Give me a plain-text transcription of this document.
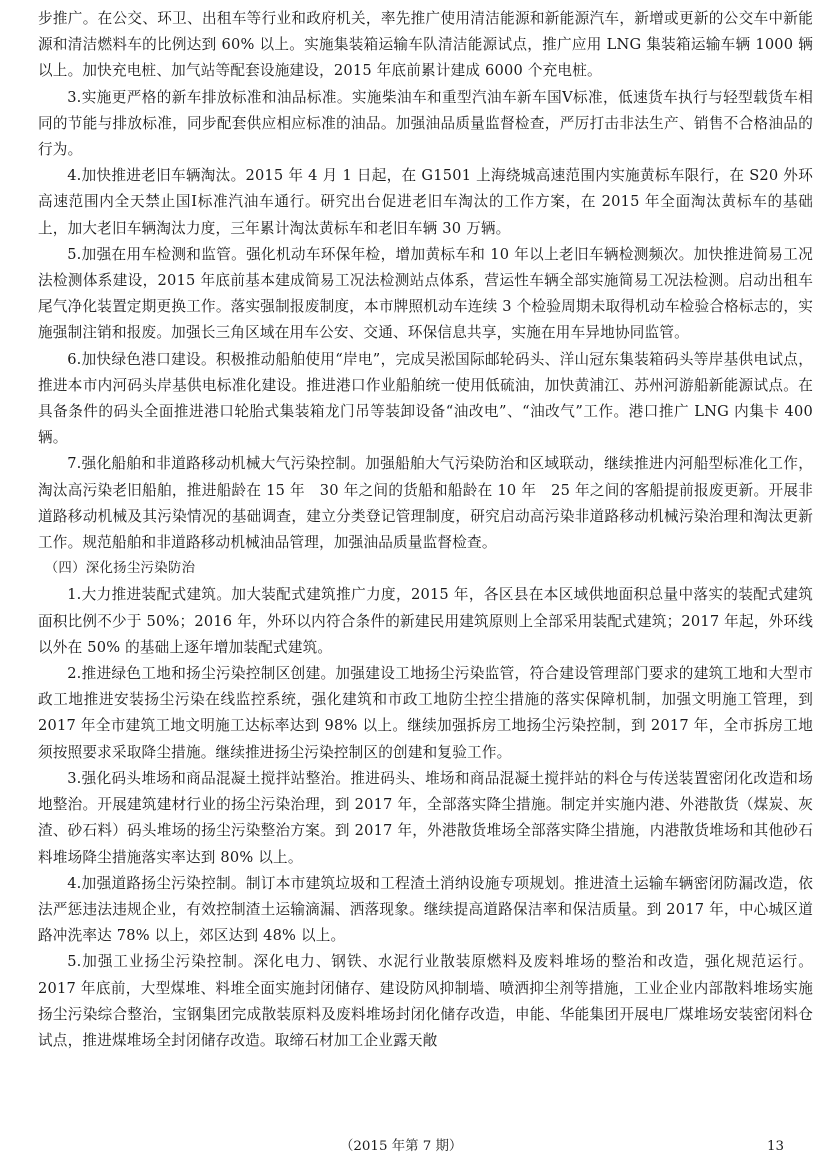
步推广。在公交、环卫、出租车等行业和政府机关，率先推广使用清洁能源和新能源汽车，新增或更新的公交车中新能源和清洁燃料车的比例达到 60% 以上。实施集装箱运输车队清洁能源试点，推广应用 LNG 集装箱运输车辆 1000 辆以上。加快充电桩、加气站等配套设施建设，2015 年底前累计建成 6000 个充电桩。

3.实施更严格的新车排放标准和油品标准。实施柴油车和重型汽油车新车国Ⅴ标准，低速货车执行与轻型载货车相同的节能与排放标准，同步配套供应相应标准的油品。加强油品质量监督检查，严厉打击非法生产、销售不合格油品的行为。

4.加快推进老旧车辆淘汰。2015 年 4 月 1 日起，在 G1501 上海绕城高速范围内实施黄标车限行，在 S20 外环高速范围内全天禁止国Ⅰ标准汽油车通行。研究出台促进老旧车淘汰的工作方案，在 2015 年全面淘汰黄标车的基础上，加大老旧车辆淘汰力度，三年累计淘汰黄标车和老旧车辆 30 万辆。

5.加强在用车检测和监管。强化机动车环保年检，增加黄标车和 10 年以上老旧车辆检测频次。加快推进简易工况法检测体系建设，2015 年底前基本建成简易工况法检测站点体系，营运性车辆全部实施简易工况法检测。启动出租车尾气净化装置定期更换工作。落实强制报废制度，本市牌照机动车连续 3 个检验周期未取得机动车检验合格标志的，实施强制注销和报废。加强长三角区域在用车公安、交通、环保信息共享，实施在用车异地协同监管。

6.加快绿色港口建设。积极推动船舶使用“岸电”，完成吴淞国际邮轮码头、洋山冠东集装箱码头等岸基供电试点，推进本市内河码头岸基供电标准化建设。推进港口作业船舶统一使用低硫油，加快黄浦江、苏州河游船新能源试点。在具备条件的码头全面推进港口轮胎式集装箱龙门吊等装卸设备“油改电”、“油改气”工作。港口推广 LNG 内集卡 400 辆。

7.强化船舶和非道路移动机械大气污染控制。加强船舶大气污染防治和区域联动，继续推进内河船型标准化工作，淘汰高污染老旧船舶，推进船龄在 15 年　30 年之间的货船和船龄在 10 年　25 年之间的客船提前报废更新。开展非道路移动机械及其污染情况的基础调查，建立分类登记管理制度，研究启动高污染非道路移动机械污染治理和淘汰更新工作。规范船舶和非道路移动机械油品管理，加强油品质量监督检查。

（四）深化扬尘污染防治

1.大力推进装配式建筑。加大装配式建筑推广力度，2015 年，各区县在本区域供地面积总量中落实的装配式建筑面积比例不少于 50%；2016 年，外环以内符合条件的新建民用建筑原则上全部采用装配式建筑；2017 年起，外环线以外在 50% 的基础上逐年增加装配式建筑。

2.推进绿色工地和扬尘污染控制区创建。加强建设工地扬尘污染监管，符合建设管理部门要求的建筑工地和大型市政工地推进安装扬尘污染在线监控系统，强化建筑和市政工地防尘控尘措施的落实保障机制，加强文明施工管理，到 2017 年全市建筑工地文明施工达标率达到 98% 以上。继续加强拆房工地扬尘污染控制，到 2017 年，全市拆房工地须按照要求采取降尘措施。继续推进扬尘污染控制区的创建和复验工作。

3.强化码头堆场和商品混凝土搅拌站整治。推进码头、堆场和商品混凝土搅拌站的料仓与传送装置密闭化改造和场地整治。开展建筑建材行业的扬尘污染治理，到 2017 年，全部落实降尘措施。制定并实施内港、外港散货（煤炭、灰渣、砂石料）码头堆场的扬尘污染整治方案。到 2017 年，外港散货堆场全部落实降尘措施，内港散货堆场和其他砂石料堆场降尘措施落实率达到 80% 以上。

4.加强道路扬尘污染控制。制订本市建筑垃圾和工程渣土消纳设施专项规划。推进渣土运输车辆密闭防漏改造，依法严惩违法违规企业，有效控制渣土运输滴漏、洒落现象。继续提高道路保洁率和保洁质量。到 2017 年，中心城区道路冲洗率达 78% 以上，郊区达到 48% 以上。

5.加强工业扬尘污染控制。深化电力、钢铁、水泥行业散装原燃料及废料堆场的整治和改造，强化规范运行。2017 年底前，大型煤堆、料堆全面实施封闭储存、建设防风抑制墙、喷洒抑尘剂等措施，工业企业内部散料堆场实施扬尘污染综合整治，宝钢集团完成散装原料及废料堆场封闭化储存改造，申能、华能集团开展电厂煤堆场安装密闭料仓试点，推进煤堆场全封闭储存改造。取缔石材加工企业露天敞

（2015 年第 7 期）	13
